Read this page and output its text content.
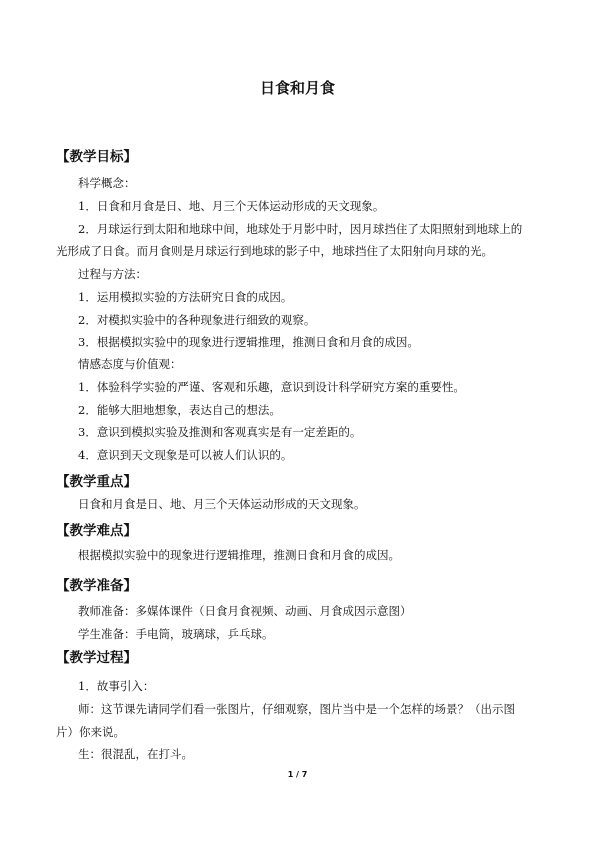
日食和月食
【教学目标】
科学概念：
1．日食和月食是日、地、月三个天体运动形成的天文现象。
2．月球运行到太阳和地球中间，地球处于月影中时，因月球挡住了太阳照射到地球上的
光形成了日食。而月食则是月球运行到地球的影子中，地球挡住了太阳射向月球的光。
过程与方法：
1．运用模拟实验的方法研究日食的成因。
2．对模拟实验中的各种现象进行细致的观察。
3．根据模拟实验中的现象进行逻辑推理，推测日食和月食的成因。
情感态度与价值观：
1．体验科学实验的严谨、客观和乐趣，意识到设计科学研究方案的重要性。
2．能够大胆地想象，表达自己的想法。
3．意识到模拟实验及推测和客观真实是有一定差距的。
4．意识到天文现象是可以被人们认识的。
【教学重点】
日食和月食是日、地、月三个天体运动形成的天文现象。
【教学难点】
根据模拟实验中的现象进行逻辑推理，推测日食和月食的成因。
【教学准备】
教师准备：多媒体课件（日食月食视频、动画、月食成因示意图）
学生准备：手电筒，玻璃球，乒乓球。
【教学过程】
1．故事引入：
师：这节课先请同学们看一张图片，仔细观察，图片当中是一个怎样的场景？（出示图
片）你来说。
生：很混乱，在打斗。
1 / 7
